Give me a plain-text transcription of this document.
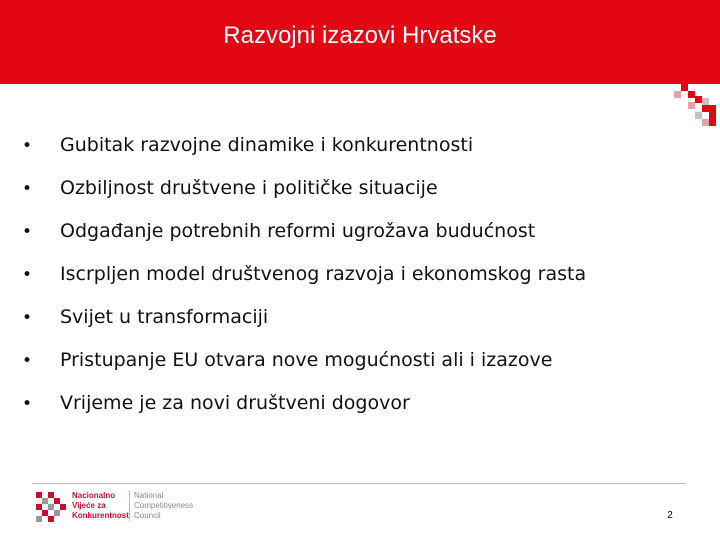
Razvojni izazovi Hrvatske
• Gubitak razvojne dinamike i konkurentnosti
• Ozbiljnost društvene i političke situacije
• Odgađanje potrebnih reformi ugrožava budućnost
• Iscrpljen model društvenog razvoja i ekonomskog rasta
• Svijet u transformaciji
• Pristupanje EU otvara nove mogućnosti ali i izazove
• Vrijeme je za novi društveni dogovor
Nacionalno
Vijeće za
Konkurentnost
National
Competitiveness
Council	2
